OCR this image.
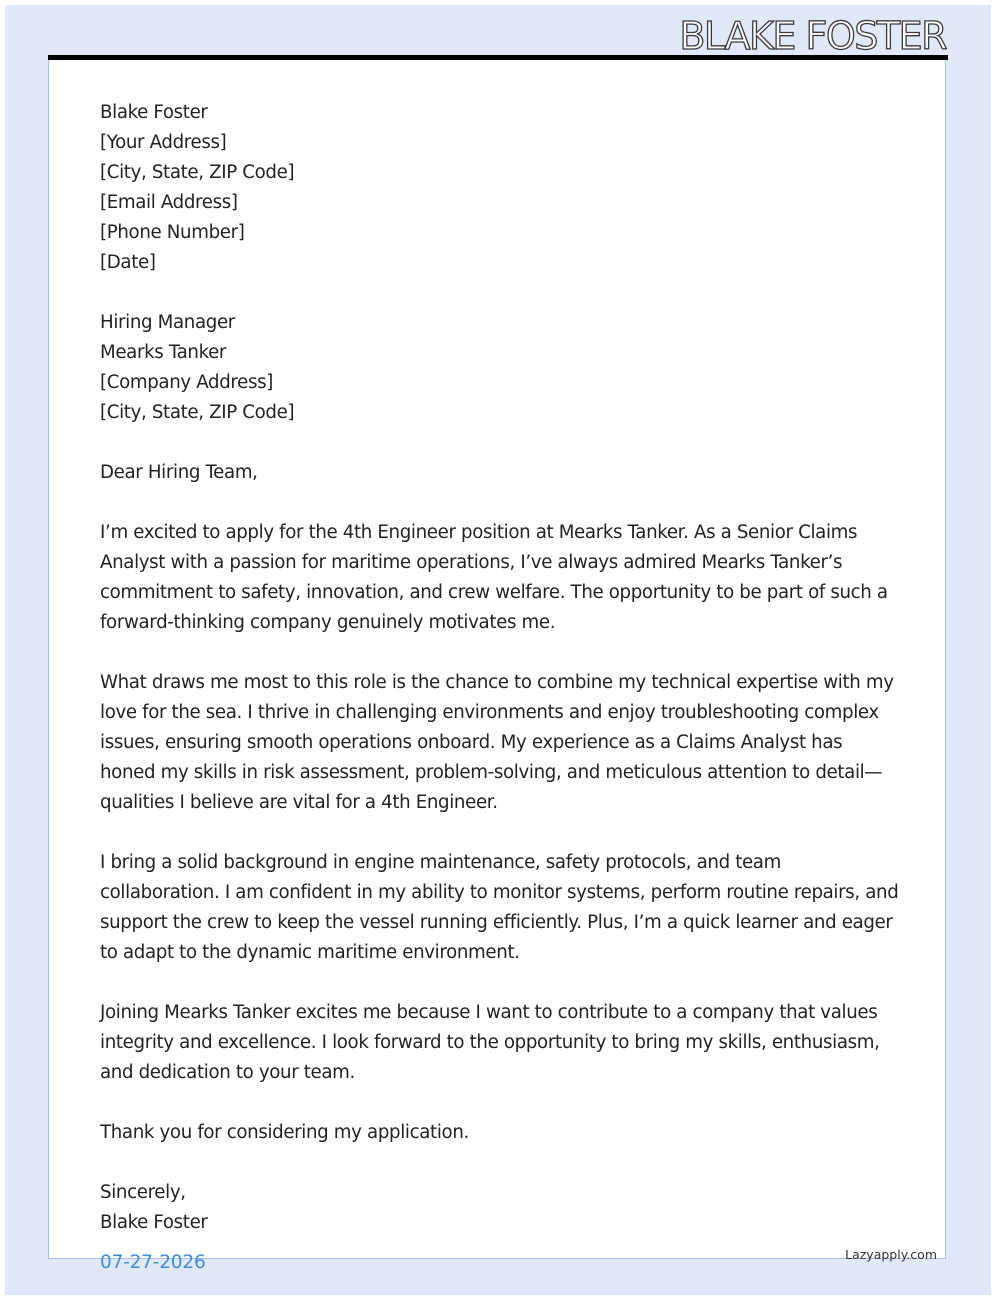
BLAKE FOSTER
Blake Foster
[Your Address]
[City, State, ZIP Code]
[Email Address]
[Phone Number]
[Date]
Hiring Manager
Mearks Tanker
[Company Address]
[City, State, ZIP Code]
Dear Hiring Team,

I’m excited to apply for the 4th Engineer position at Mearks Tanker. As a Senior Claims Analyst with a passion for maritime operations, I’ve always admired Mearks Tanker’s commitment to safety, innovation, and crew welfare. The opportunity to be part of such a forward-thinking company genuinely motivates me.

What draws me most to this role is the chance to combine my technical expertise with my love for the sea. I thrive in challenging environments and enjoy troubleshooting complex issues, ensuring smooth operations onboard. My experience as a Claims Analyst has honed my skills in risk assessment, problem-solving, and meticulous attention to detail—qualities I believe are vital for a 4th Engineer.

I bring a solid background in engine maintenance, safety protocols, and team collaboration. I am confident in my ability to monitor systems, perform routine repairs, and support the crew to keep the vessel running efficiently. Plus, I’m a quick learner and eager to adapt to the dynamic maritime environment.

Joining Mearks Tanker excites me because I want to contribute to a company that values integrity and excellence. I look forward to the opportunity to bring my skills, enthusiasm, and dedication to your team.

Thank you for considering my application.

Sincerely,
Blake Foster
07-27-2026	Lazyapply.com
